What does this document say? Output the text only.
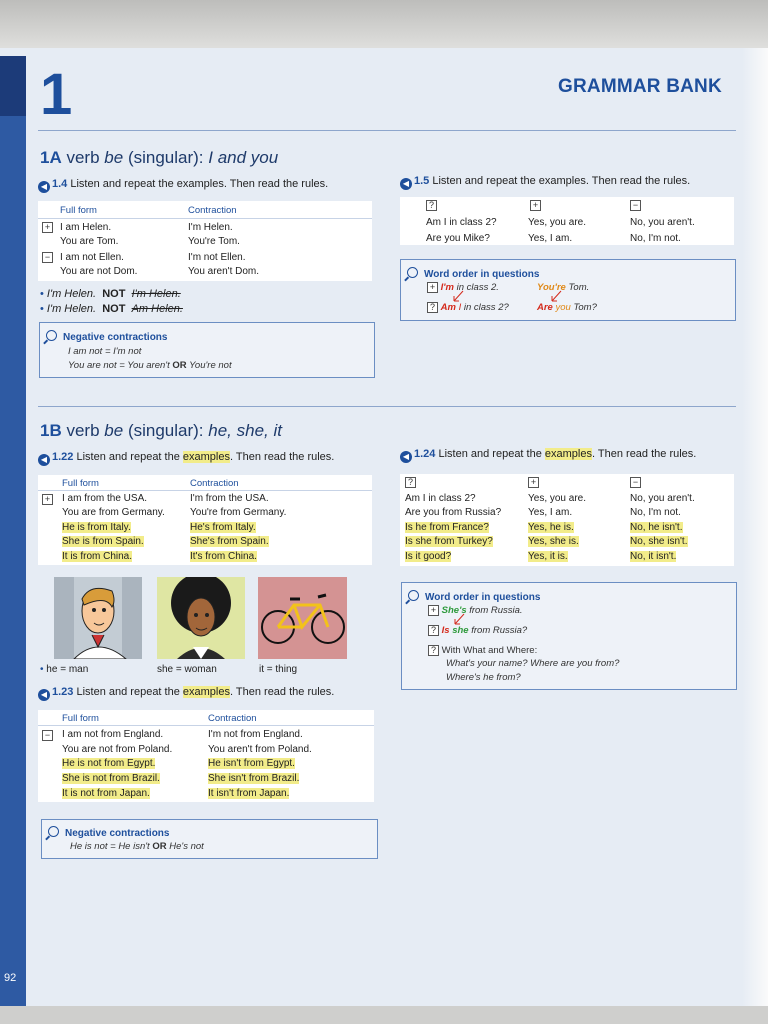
1	GRAMMAR BANK
1A verb be (singular): I and you
◀ 1.4 Listen and repeat the examples. Then read the rules.
Full form	Contraction
+ I am Helen.	I'm Helen.
You are Tom.	You're Tom.
− I am not Ellen.	I'm not Ellen.
You are not Dom.	You aren't Dom.
• I'm Helen. NOT I'm Helen.
• I'm Helen. NOT Am Helen.
Negative contractions
I am not = I'm not
You are not = You aren't OR You're not
◀ 1.5 Listen and repeat the examples. Then read the rules.
?	+	−
Am I in class 2?	Yes, you are.	No, you aren't.
Are you Mike?	Yes, I am.	No, I'm not.
Word order in questions
+ I'm in class 2.	You're Tom.
? Am I in class 2?	Are you Tom?
1B verb be (singular): he, she, it
◀ 1.22 Listen and repeat the examples. Then read the rules.
Full form	Contraction
+ I am from the USA.	I'm from the USA.
You are from Germany.	You're from Germany.
He is from Italy.	He's from Italy.
She is from Spain.	She's from Spain.
It is from China.	It's from China.
• he = man	she = woman	it = thing
◀ 1.23 Listen and repeat the examples. Then read the rules.
Full form	Contraction
− I am not from England.	I'm not from England.
You are not from Poland.	You aren't from Poland.
He is not from Egypt.	He isn't from Egypt.
She is not from Brazil.	She isn't from Brazil.
It is not from Japan.	It isn't from Japan.
Negative contractions
He is not = He isn't OR He's not
◀ 1.24 Listen and repeat the examples. Then read the rules.
?	+	−
Am I in class 2?	Yes, you are.	No, you aren't.
Are you from Russia?	Yes, I am.	No, I'm not.
Is he from France?	Yes, he is.	No, he isn't.
Is she from Turkey?	Yes, she is.	No, she isn't.
Is it good?	Yes, it is.	No, it isn't.
Word order in questions
+ She's from Russia.
? Is she from Russia?
? With What and Where:
What's your name? Where are you from?
Where's he from?
92
